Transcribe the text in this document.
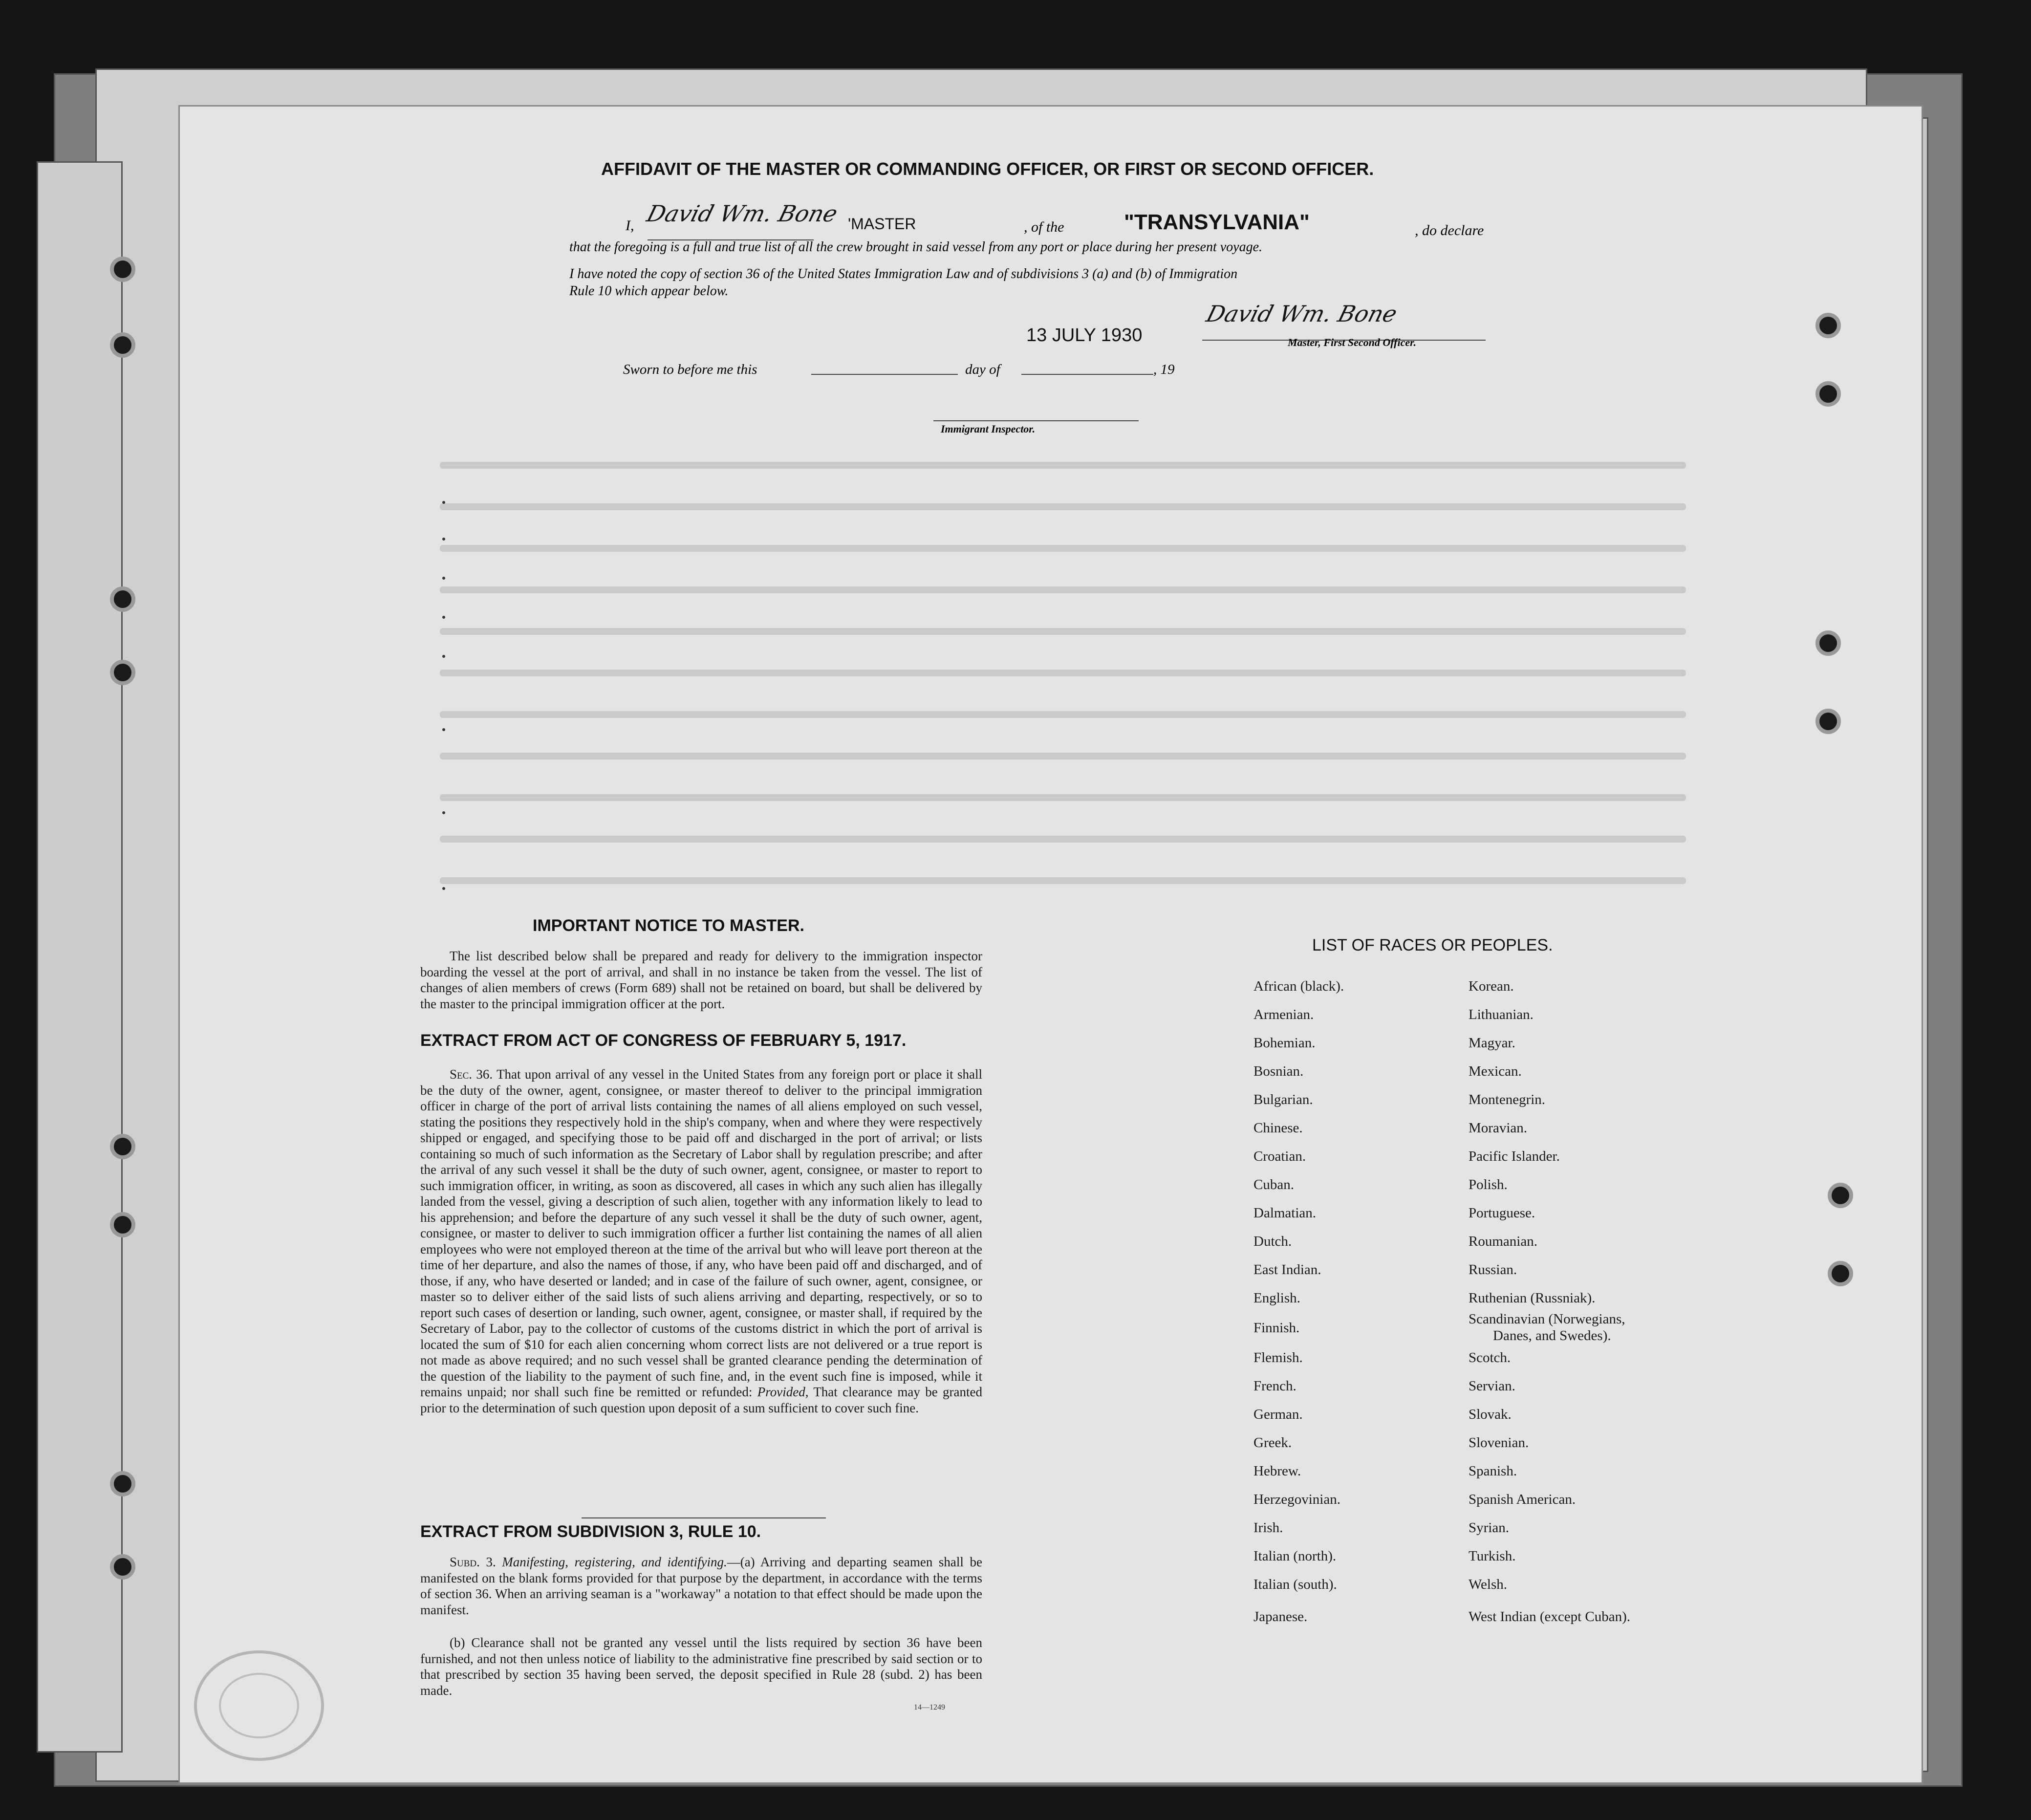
AFFIDAVIT OF THE MASTER OR COMMANDING OFFICER, OR FIRST OR SECOND OFFICER.
I, David Wm. Bone 'MASTER	, of the	"TRANSYLVANIA"	, do declare
that the foregoing is a full and true list of all the crew brought in said vessel from any port or place during her present voyage.
I have noted the copy of section 36 of the United States Immigration Law and of subdivisions 3 (a) and (b) of Immigration
Rule 10 which appear below.
13 JULY 1930
David Wm. Bone
Master, First Second Officer.
Sworn to before me this	day of	, 19
Immigrant Inspector.
IMPORTANT NOTICE TO MASTER.
The list described below shall be prepared and ready for delivery to the immigration inspector boarding the vessel at the port of arrival, and shall in no instance be taken from the vessel. The list of changes of alien members of crews (Form 689) shall not be retained on board, but shall be delivered by the master to the principal immigration officer at the port.
EXTRACT FROM ACT OF CONGRESS OF FEBRUARY 5, 1917.
Sec. 36. That upon arrival of any vessel in the United States from any foreign port or place it shall be the duty of the owner, agent, consignee, or master thereof to deliver to the principal immigration officer in charge of the port of arrival lists containing the names of all aliens employed on such vessel, stating the positions they respectively hold in the ship's company, when and where they were respectively shipped or engaged, and specifying those to be paid off and discharged in the port of arrival; or lists containing so much of such information as the Secretary of Labor shall by regulation prescribe; and after the arrival of any such vessel it shall be the duty of such owner, agent, consignee, or master to report to such immigration officer, in writing, as soon as discovered, all cases in which any such alien has illegally landed from the vessel, giving a description of such alien, together with any information likely to lead to his apprehension; and before the departure of any such vessel it shall be the duty of such owner, agent, consignee, or master to deliver to such immigration officer a further list containing the names of all alien employees who were not employed thereon at the time of the arrival but who will leave port thereon at the time of her departure, and also the names of those, if any, who have been paid off and discharged, and of those, if any, who have deserted or landed; and in case of the failure of such owner, agent, consignee, or master so to deliver either of the said lists of such aliens arriving and departing, respectively, or so to report such cases of desertion or landing, such owner, agent, consignee, or master shall, if required by the Secretary of Labor, pay to the collector of customs of the customs district in which the port of arrival is located the sum of $10 for each alien concerning whom correct lists are not delivered or a true report is not made as above required; and no such vessel shall be granted clearance pending the determination of the question of the liability to the payment of such fine, and, in the event such fine is imposed, while it remains unpaid; nor shall such fine be remitted or refunded: Provided, That clearance may be granted prior to the determination of such question upon deposit of a sum sufficient to cover such fine.
EXTRACT FROM SUBDIVISION 3, RULE 10.
Subd. 3. Manifesting, registering, and identifying.—(a) Arriving and departing seamen shall be manifested on the blank forms provided for that purpose by the department, in accordance with the terms of section 36. When an arriving seaman is a "workaway" a notation to that effect should be made upon the manifest.
(b) Clearance shall not be granted any vessel until the lists required by section 36 have been furnished, and not then unless notice of liability to the administrative fine prescribed by said section or to that prescribed by section 35 having been served, the deposit specified in Rule 28 (subd. 2) has been made.
14—1249
LIST OF RACES OR PEOPLES.
African (black).
Armenian.
Bohemian.
Bosnian.
Bulgarian.
Chinese.
Croatian.
Cuban.
Dalmatian.
Dutch.
East Indian.
English.
Finnish.
Flemish.
French.
German.
Greek.
Hebrew.
Herzegovinian.
Irish.
Italian (north).
Italian (south).
Japanese.
Korean.
Lithuanian.
Magyar.
Mexican.
Montenegrin.
Moravian.
Pacific Islander.
Polish.
Portuguese.
Roumanian.
Russian.
Ruthenian (Russniak).
Scandinavian (Norwegians,
Danes, and Swedes).
Scotch.
Servian.
Slovak.
Slovenian.
Spanish.
Spanish American.
Syrian.
Turkish.
Welsh.
West Indian (except Cuban).
